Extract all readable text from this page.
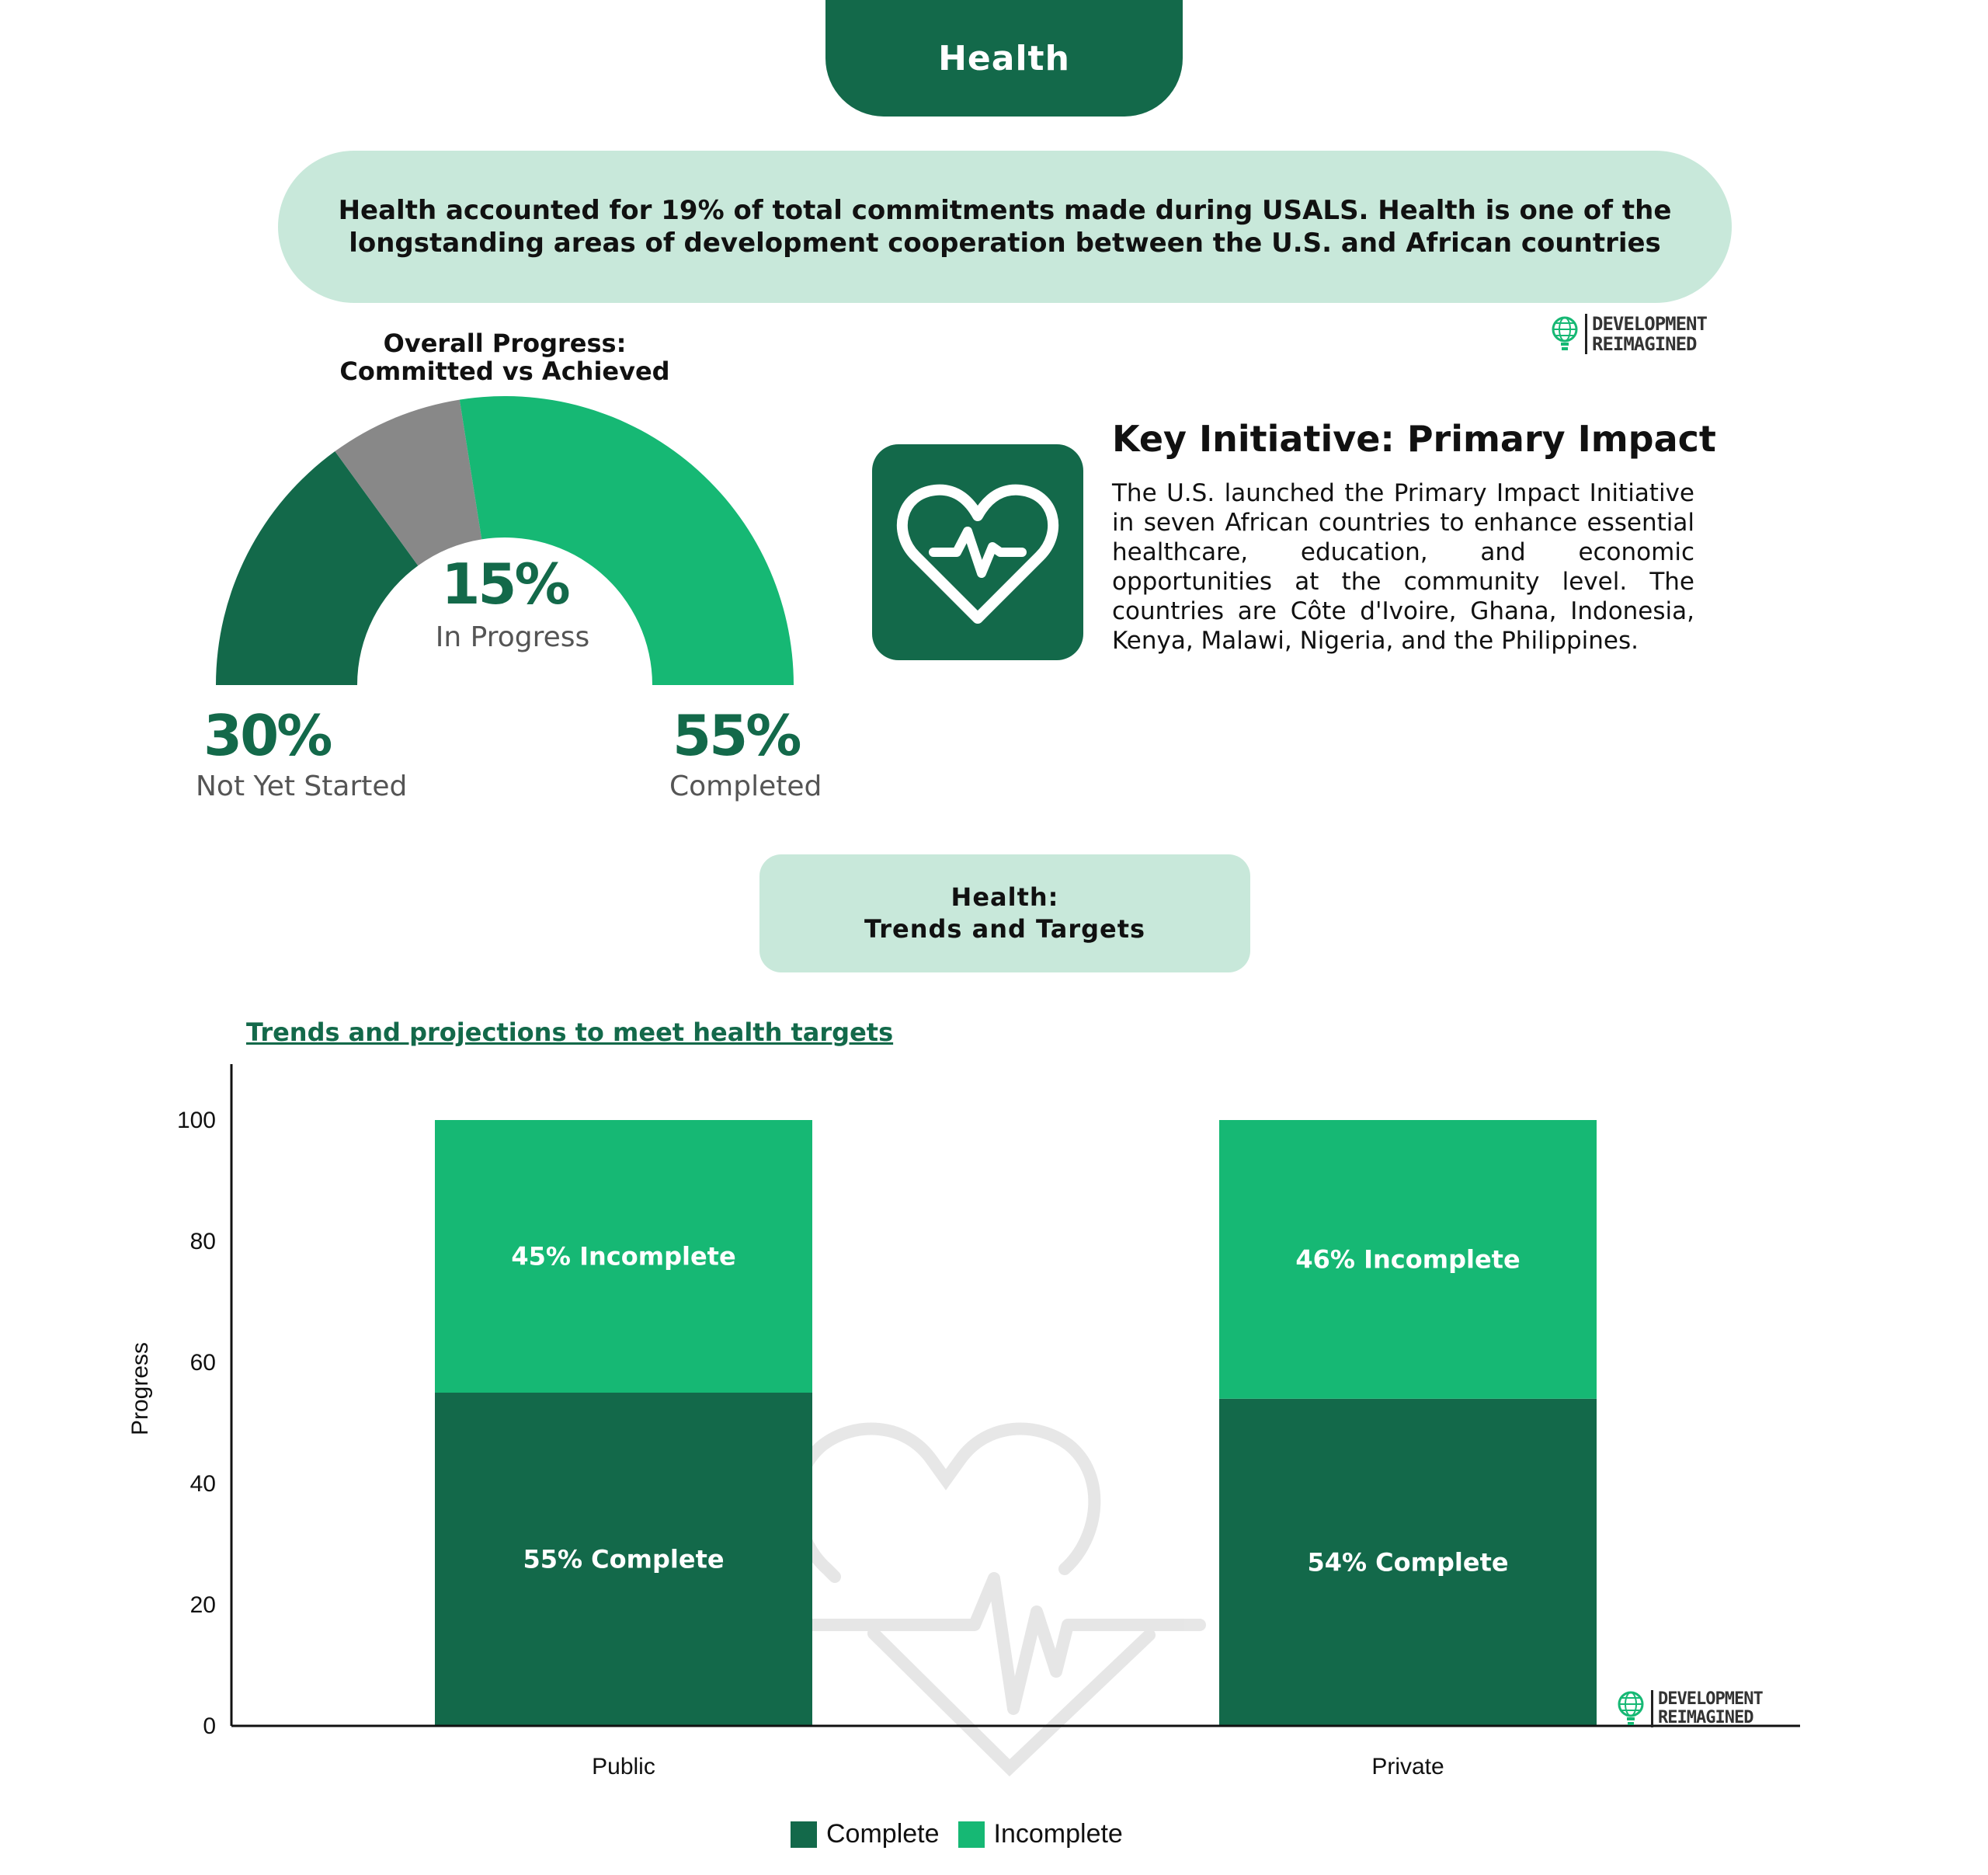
Health
Health accounted for 19% of total commitments made during USALS. Health is one of the
longstanding areas of development cooperation between the U.S. and African countries
DEVELOPMENT
REIMAGINED
Overall Progress:
Committed vs Achieved
15%
In Progress
30%
Not Yet Started
55%
Completed
Key Initiative: Primary Impact
The U.S. launched the Primary Impact Initiative in seven African countries to enhance essential healthcare, education, and economic opportunities at the community level. The countries are Côte d'Ivoire, Ghana, Indonesia, Kenya, Malawi, Nigeria, and the Philippines.
Health:
Trends and Targets
Trends and projections to meet health targets
55% Complete
45% Incomplete
54% Complete
46% Incomplete
Public	Private
0
20
40
60
80
100
Progress
DEVELOPMENT
REIMAGINED
Complete Incomplete
